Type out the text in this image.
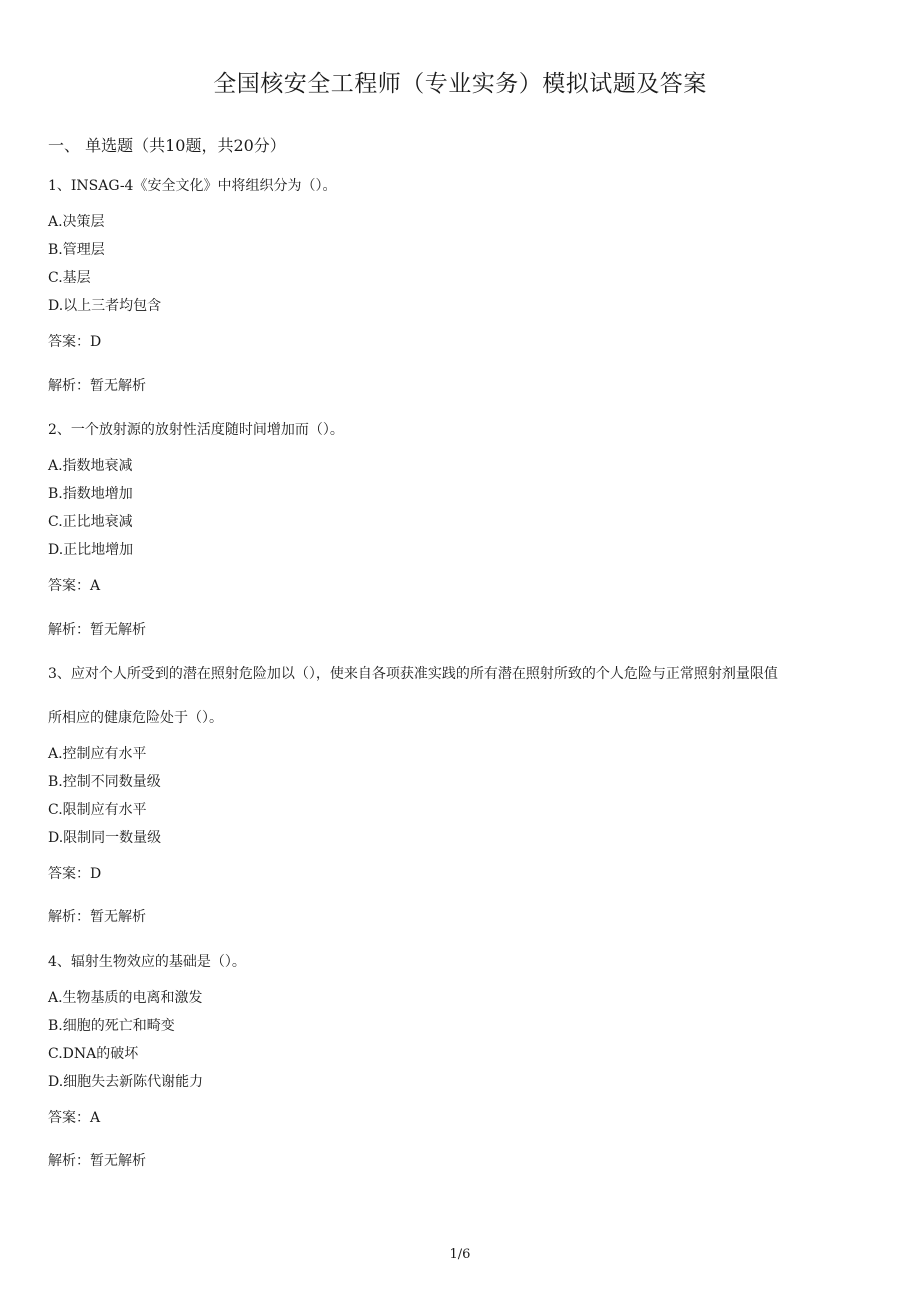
全国核安全工程师（专业实务）模拟试题及答案
一、 单选题（共10题，共20分）
1、INSAG-4《安全文化》中将组织分为（）。
A.决策层
B.管理层
C.基层
D.以上三者均包含
答案：D
解析：暂无解析
2、一个放射源的放射性活度随时间增加而（）。
A.指数地衰减
B.指数地增加
C.正比地衰减
D.正比地增加
答案：A
解析：暂无解析
3、应对个人所受到的潜在照射危险加以（），使来自各项获准实践的所有潜在照射所致的个人危险与正常照射剂量限值
所相应的健康危险处于（）。
A.控制应有水平
B.控制不同数量级
C.限制应有水平
D.限制同一数量级
答案：D
解析：暂无解析
4、辐射生物效应的基础是（）。
A.生物基质的电离和激发
B.细胞的死亡和畸变
C.DNA的破坏
D.细胞失去新陈代谢能力
答案：A
解析：暂无解析
1/6
